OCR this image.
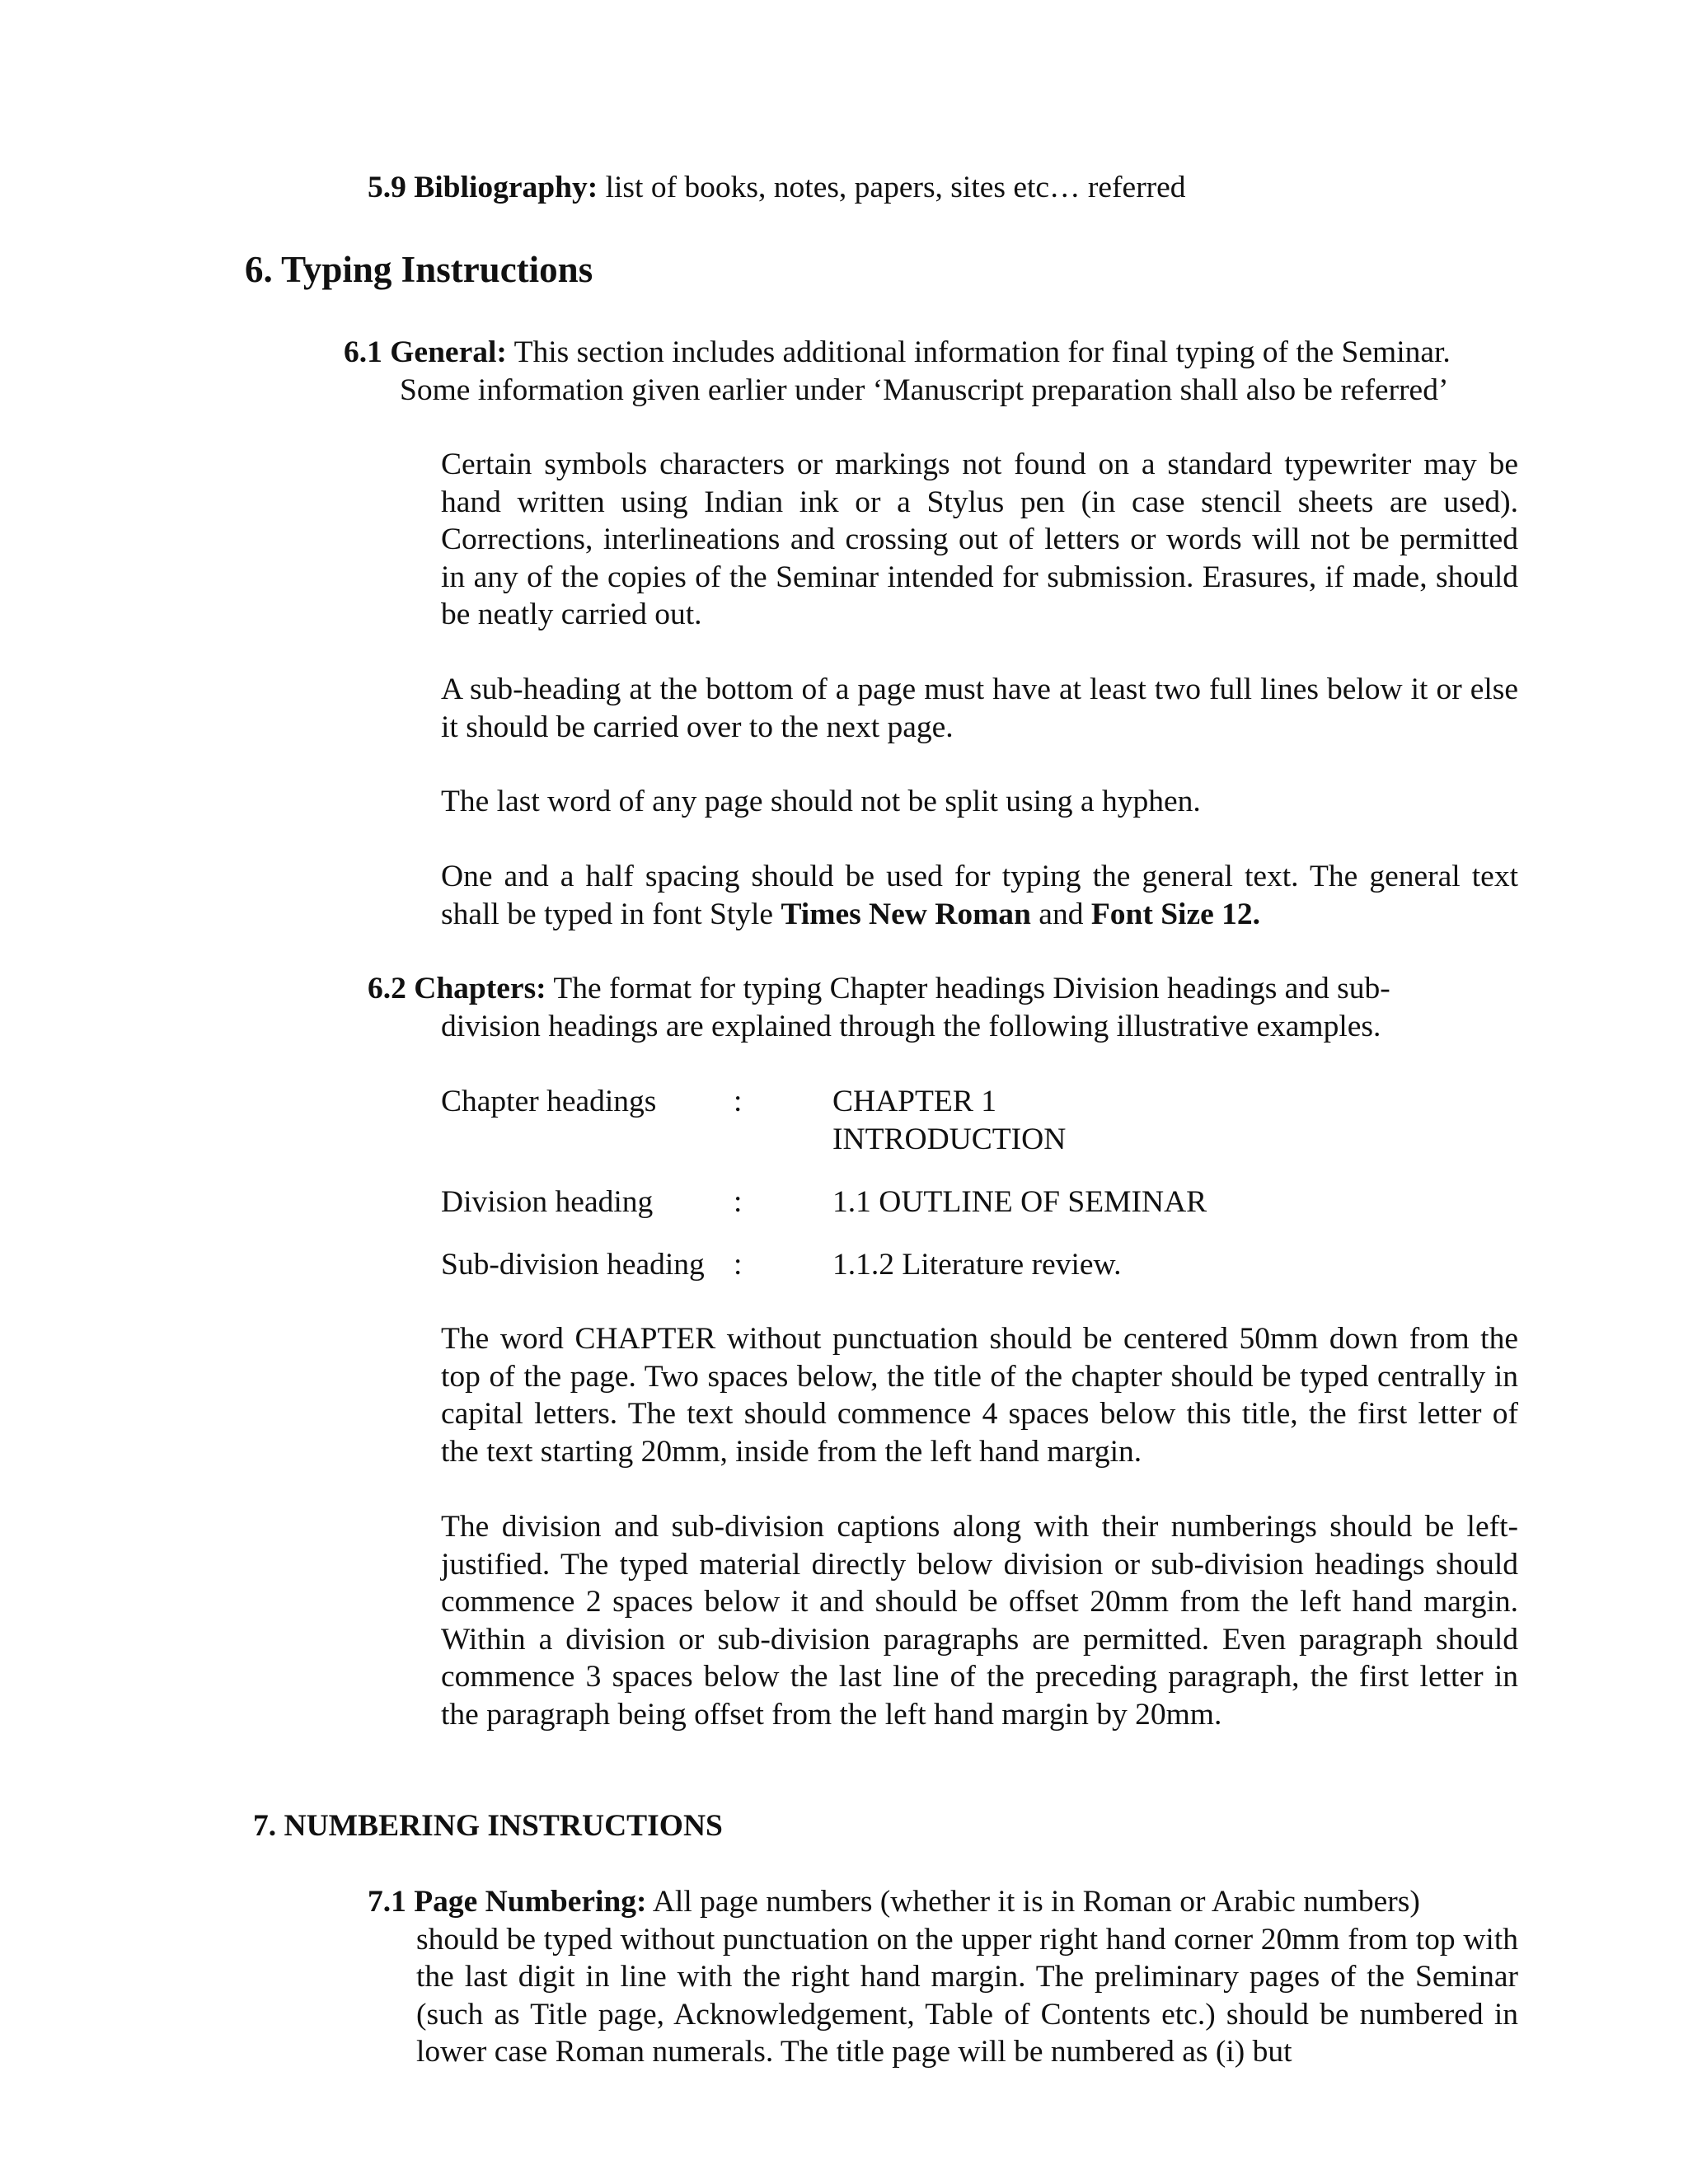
5.9 Bibliography: list of books, notes, papers, sites etc… referred
6. Typing Instructions
6.1 General: This section includes additional information for final typing of the Seminar.
Some information given earlier under ‘Manuscript preparation shall also be referred’
Certain symbols characters or markings not found on a standard typewriter may be hand written using Indian ink or a Stylus pen (in case stencil sheets are used). Corrections, interlineations and crossing out of letters or words will not be permitted in any of the copies of the Seminar intended for submission. Erasures, if made, should be neatly carried out.
A sub-heading at the bottom of a page must have at least two full lines below it or else it should be carried over to the next page.
The last word of any page should not be split using a hyphen.
One and a half spacing should be used for typing the general text. The general text shall be typed in font Style Times New Roman and Font Size 12.
6.2 Chapters: The format for typing Chapter headings Division headings and sub-
division headings are explained through the following illustrative examples.
Chapter headings :	CHAPTER 1
INTRODUCTION
Division heading	:	1.1 OUTLINE OF SEMINAR
Sub-division heading :	1.1.2 Literature review.
The word CHAPTER without punctuation should be centered 50mm down from the top of the page. Two spaces below, the title of the chapter should be typed centrally in capital letters. The text should commence 4 spaces below this title, the first letter of the text starting 20mm, inside from the left hand margin.
The division and sub-division captions along with their numberings should be left-justified. The typed material directly below division or sub-division headings should commence 2 spaces below it and should be offset 20mm from the left hand margin. Within a division or sub-division paragraphs are permitted. Even paragraph should commence 3 spaces below the last line of the preceding paragraph, the first letter in the paragraph being offset from the left hand margin by 20mm.
7. NUMBERING INSTRUCTIONS
7.1 Page Numbering: All page numbers (whether it is in Roman or Arabic numbers)
should be typed without punctuation on the upper right hand corner 20mm from top with the last digit in line with the right hand margin. The preliminary pages of the Seminar (such as Title page, Acknowledgement, Table of Contents etc.) should be numbered in lower case Roman numerals. The title page will be numbered as (i) but
